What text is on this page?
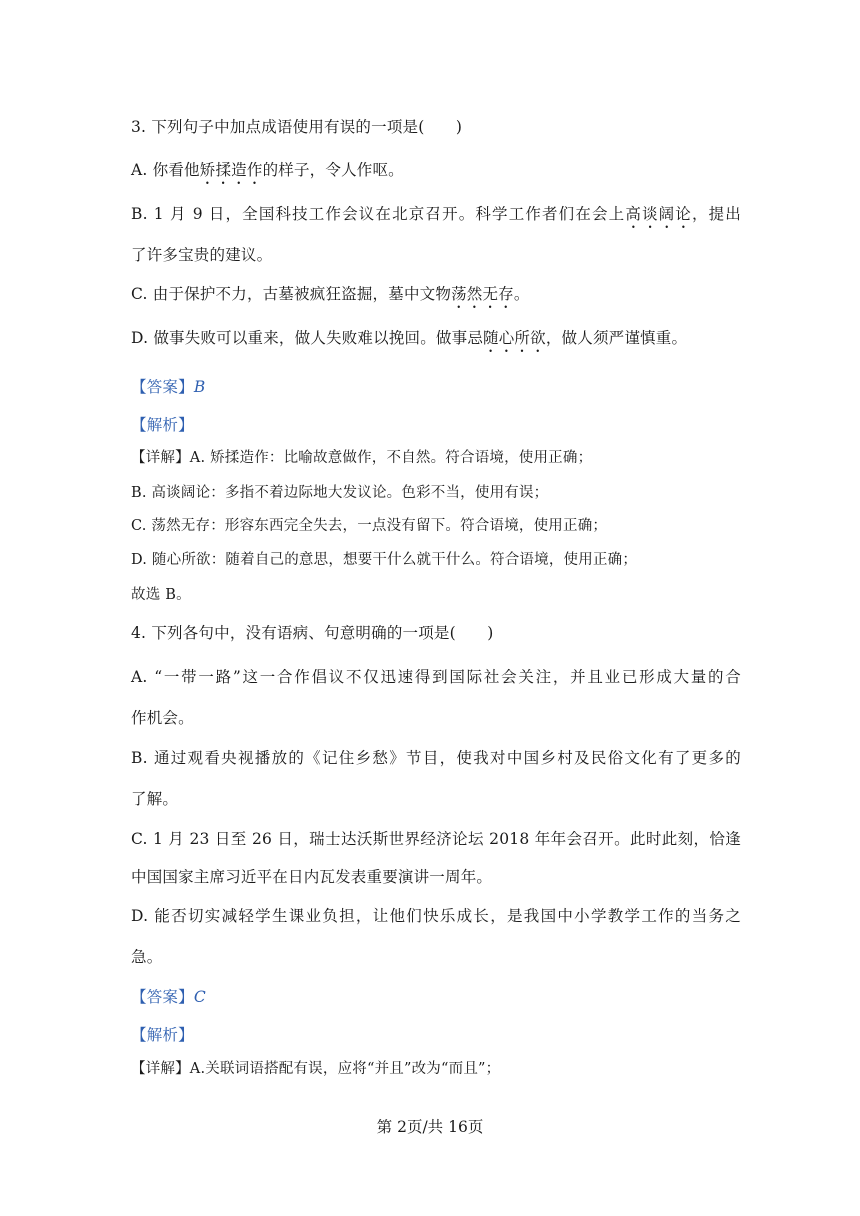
3. 下列句子中加点成语使用有误的一项是(　　)
A. 你看他矫揉造作的样子，令人作呕。
B. 1 月 9 日，全国科技工作会议在北京召开。科学工作者们在会上高谈阔论，提出
了许多宝贵的建议。
C. 由于保护不力，古墓被疯狂盗掘，墓中文物荡然无存。
D. 做事失败可以重来，做人失败难以挽回。做事忌随心所欲，做人须严谨慎重。
【答案】B
【解析】
【详解】A. 矫揉造作：比喻故意做作，不自然。符合语境，使用正确；
B. 高谈阔论：多指不着边际地大发议论。色彩不当，使用有误；
C. 荡然无存：形容东西完全失去，一点没有留下。符合语境，使用正确；
D. 随心所欲：随着自己的意思，想要干什么就干什么。符合语境，使用正确；
故选 B。
4. 下列各句中，没有语病、句意明确的一项是(　　)
A. “一带一路”这一合作倡议不仅迅速得到国际社会关注，并且业已形成大量的合
作机会。
B. 通过观看央视播放的《记住乡愁》节目，使我对中国乡村及民俗文化有了更多的
了解。
C. 1 月 23 日至 26 日，瑞士达沃斯世界经济论坛 2018 年年会召开。此时此刻，恰逢
中国国家主席习近平在日内瓦发表重要演讲一周年。
D. 能否切实减轻学生课业负担，让他们快乐成长，是我国中小学教学工作的当务之
急。
【答案】C
【解析】
【详解】A.关联词语搭配有误，应将“并且”改为“而且”；
第 2页/共 16页
